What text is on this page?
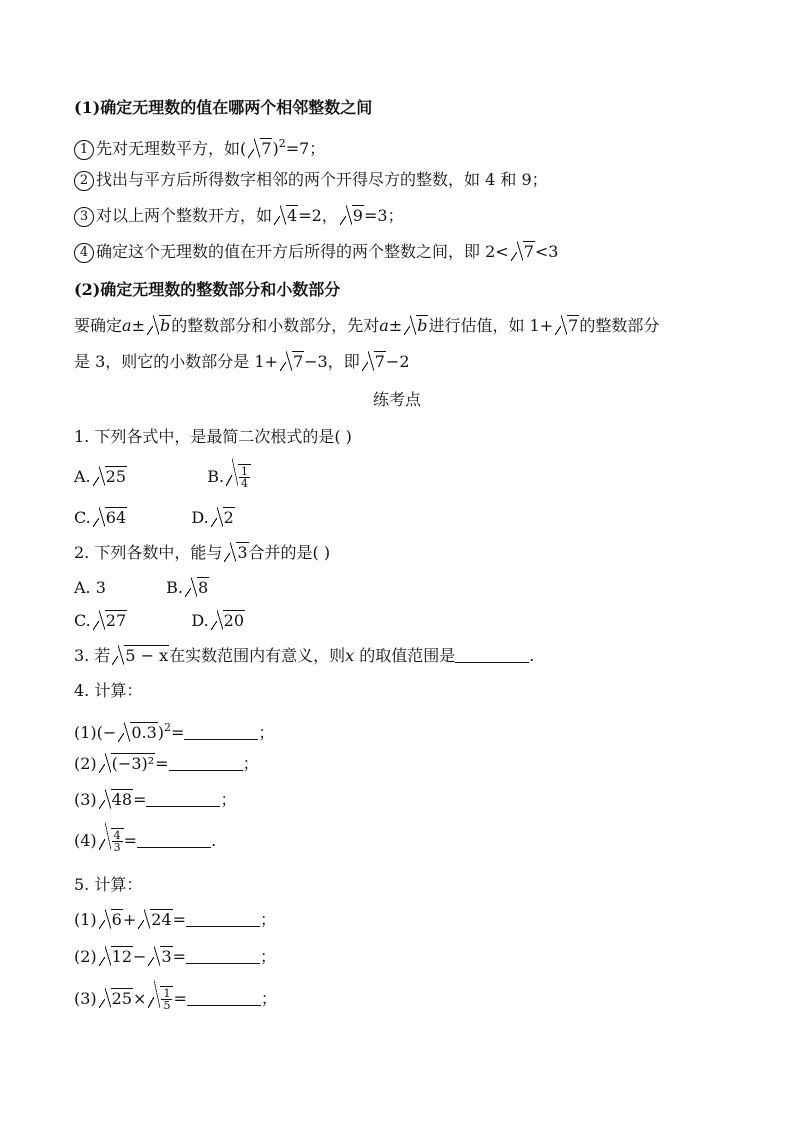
(1)确定无理数的值在哪两个相邻整数之间
1 先对无理数平方，如( 7)$^2$=7；
2 找出与平方后所得数字相邻的两个开得尽方的整数，如 4 和 9；
3 对以上两个整数开方，如 4=2， 9=3；
4 确定这个无理数的值在开方后所得的两个整数之间，即 2< 7<3
(2)确定无理数的整数部分和小数部分
要确定a± b的整数部分和小数部分，先对a± b进行估值，如 1+ 7的整数部分
是 3，则它的小数部分是 1+ 7−3，即 7−2
练考点
1. 下列各式中，是最简二次根式的是( )
A. 25	B. $\frac{1}{4}$
C. 64	D. 2
2. 下列各数中，能与 3合并的是( )
A. 3	B. 8
C. 27	D. 20
3. 若 5 − x在实数范围内有意义，则x 的取值范围是	.
4. 计算：
$(1)(- 0.3)^2=$	；
(2) (−3)²=	；
(3) 48=	；
$(4) \frac{4}{3}$ =	.
5. 计算：
(1) 6+ 24=	；
(2) 12− 3=	；
(3) $25\times \frac{1}{5}$ =	；
